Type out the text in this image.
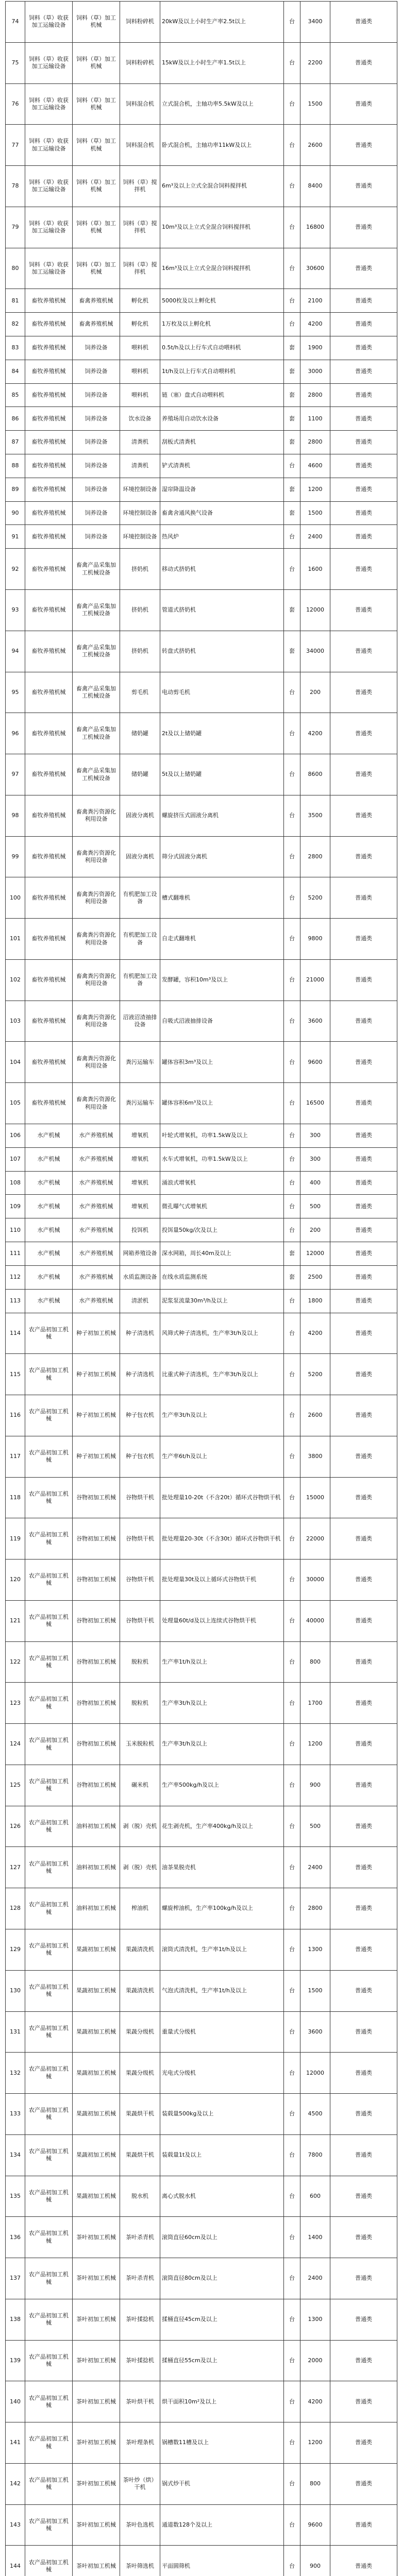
74	饲料（草）收获加工运输设备	饲料（草）加工机械	饲料粉碎机	20kW及以上小时生产率2.5t以上	台	3400	普通类
75	饲料（草）收获加工运输设备	饲料（草）加工机械	饲料粉碎机	15kW及以上小时生产率1.5t以上	台	2200	普通类
76	饲料（草）收获加工运输设备	饲料（草）加工机械	饲料混合机	立式混合机，主轴功率5.5kW及以上	台	1500	普通类
77	饲料（草）收获加工运输设备	饲料（草）加工机械	饲料混合机	卧式混合机，主轴功率11kW及以上	台	2600	普通类
78	饲料（草）收获加工运输设备	饲料（草）加工机械	饲料（草）搅拌机	6m³及以上立式全混合饲料搅拌机	台	8400	普通类
79	饲料（草）收获加工运输设备	饲料（草）加工机械	饲料（草）搅拌机	10m³及以上立式全混合饲料搅拌机	台	16800	普通类
80	饲料（草）收获加工运输设备	饲料（草）加工机械	饲料（草）搅拌机	16m³及以上立式全混合饲料搅拌机	台	30600	普通类
81	畜牧养殖机械	畜禽养殖机械	孵化机	5000枚及以上孵化机	台	2100	普通类
82	畜牧养殖机械	畜禽养殖机械	孵化机	1万枚及以上孵化机	台	4200	普通类
83	畜牧养殖机械	饲养设备	喂料机	0.5t/h及以上行车式自动喂料机	套	1900	普通类
84	畜牧养殖机械	饲养设备	喂料机	1t/h及以上行车式自动喂料机	套	3000	普通类
85	畜牧养殖机械	饲养设备	喂料机	链（塞）盘式自动喂料机	套	2800	普通类
86	畜牧养殖机械	饲养设备	饮水设备	养殖场用自动饮水设备	套	1100	普通类
87	畜牧养殖机械	饲养设备	清粪机	刮板式清粪机	套	2800	普通类
88	畜牧养殖机械	饲养设备	清粪机	铲式清粪机	台	4600	普通类
89	畜牧养殖机械	饲养设备	环境控制设备	湿帘降温设备	套	1200	普通类
90	畜牧养殖机械	饲养设备	环境控制设备	畜禽舍通风换气设备	套	1500	普通类
91	畜牧养殖机械	饲养设备	环境控制设备	热风炉	台	2400	普通类
92	畜牧养殖机械	畜禽产品采集加工机械设备	挤奶机	移动式挤奶机	台	1600	普通类
93	畜牧养殖机械	畜禽产品采集加工机械设备	挤奶机	管道式挤奶机	套	12000	普通类
94	畜牧养殖机械	畜禽产品采集加工机械设备	挤奶机	转盘式挤奶机	套	34000	普通类
95	畜牧养殖机械	畜禽产品采集加工机械设备	剪毛机	电动剪毛机	台	200	普通类
96	畜牧养殖机械	畜禽产品采集加工机械设备	储奶罐	2t及以上储奶罐	台	4200	普通类
97	畜牧养殖机械	畜禽产品采集加工机械设备	储奶罐	5t及以上储奶罐	台	8600	普通类
98	畜牧养殖机械	畜禽粪污资源化利用设备	固液分离机	螺旋挤压式固液分离机	台	3500	普通类
99	畜牧养殖机械	畜禽粪污资源化利用设备	固液分离机	筛分式固液分离机	台	2800	普通类
100	畜牧养殖机械	畜禽粪污资源化利用设备	有机肥加工设备	槽式翻堆机	台	5200	普通类
101	畜牧养殖机械	畜禽粪污资源化利用设备	有机肥加工设备	自走式翻堆机	台	9800	普通类
102	畜牧养殖机械	畜禽粪污资源化利用设备	有机肥加工设备	发酵罐，容积10m³及以上	台	21000	普通类
103	畜牧养殖机械	畜禽粪污资源化利用设备	沼液沼渣抽排设备	自吸式沼液抽排设备	台	3600	普通类
104	畜牧养殖机械	畜禽粪污资源化利用设备	粪污运输车	罐体容积3m³及以上	台	9600	普通类
105	畜牧养殖机械	畜禽粪污资源化利用设备	粪污运输车	罐体容积6m³及以上	台	16500	普通类
106	水产机械	水产养殖机械	增氧机	叶轮式增氧机，功率1.5kW及以上	台	300	普通类
107	水产机械	水产养殖机械	增氧机	水车式增氧机，功率1.5kW及以上	台	300	普通类
108	水产机械	水产养殖机械	增氧机	涌浪式增氧机	台	400	普通类
109	水产机械	水产养殖机械	增氧机	微孔曝气式增氧机	台	500	普通类
110	水产机械	水产养殖机械	投饵机	投饵量50kg/次及以上	台	200	普通类
111	水产机械	水产养殖机械	网箱养殖设备	深水网箱，周长40m及以上	套	12000	普通类
112	水产机械	水产养殖机械	水质监测设备	在线水质监测系统	套	2500	普通类
113	水产机械	水产养殖机械	清淤机	泥浆泵流量30m³/h及以上	台	1800	普通类
114	农产品初加工机械	种子初加工机械	种子清选机	风筛式种子清选机，生产率3t/h及以上	台	4200	普通类
115	农产品初加工机械	种子初加工机械	种子清选机	比重式种子清选机，生产率3t/h及以上	台	5200	普通类
116	农产品初加工机械	种子初加工机械	种子包衣机	生产率3t/h及以上	台	2600	普通类
117	农产品初加工机械	种子初加工机械	种子包衣机	生产率6t/h及以上	台	3800	普通类
118	农产品初加工机械	谷物初加工机械	谷物烘干机	批处理量10-20t（不含20t）循环式谷物烘干机	台	15000	普通类
119	农产品初加工机械	谷物初加工机械	谷物烘干机	批处理量20-30t（不含30t）循环式谷物烘干机	台	22000	普通类
120	农产品初加工机械	谷物初加工机械	谷物烘干机	批处理量30t及以上循环式谷物烘干机	台	30000	普通类
121	农产品初加工机械	谷物初加工机械	谷物烘干机	处理量60t/d及以上连续式谷物烘干机	台	40000	普通类
122	农产品初加工机械	谷物初加工机械	脱粒机	生产率1t/h及以上	台	800	普通类
123	农产品初加工机械	谷物初加工机械	脱粒机	生产率3t/h及以上	台	1700	普通类
124	农产品初加工机械	谷物初加工机械	玉米脱粒机	生产率3t/h及以上	台	1200	普通类
125	农产品初加工机械	谷物初加工机械	碾米机	生产率500kg/h及以上	台	900	普通类
126	农产品初加工机械	油料初加工机械	剥（脱）壳机	花生剥壳机，生产率400kg/h及以上	台	500	普通类
127	农产品初加工机械	油料初加工机械	剥（脱）壳机	油茶果脱壳机	台	2400	普通类
128	农产品初加工机械	油料初加工机械	榨油机	螺旋榨油机，生产率100kg/h及以上	台	2800	普通类
129	农产品初加工机械	果蔬初加工机械	果蔬清洗机	滚筒式清洗机，生产率1t/h及以上	台	1300	普通类
130	农产品初加工机械	果蔬初加工机械	果蔬清洗机	气泡式清洗机，生产率1t/h及以上	台	1500	普通类
131	农产品初加工机械	果蔬初加工机械	果蔬分级机	重量式分级机	台	3600	普通类
132	农产品初加工机械	果蔬初加工机械	果蔬分级机	光电式分级机	台	12000	普通类
133	农产品初加工机械	果蔬初加工机械	果蔬烘干机	装载量500kg及以上	台	4500	普通类
134	农产品初加工机械	果蔬初加工机械	果蔬烘干机	装载量1t及以上	台	7800	普通类
135	农产品初加工机械	果蔬初加工机械	脱水机	离心式脱水机	台	600	普通类
136	农产品初加工机械	茶叶初加工机械	茶叶杀青机	滚筒直径60cm及以上	台	1400	普通类
137	农产品初加工机械	茶叶初加工机械	茶叶杀青机	滚筒直径80cm及以上	台	2400	普通类
138	农产品初加工机械	茶叶初加工机械	茶叶揉捻机	揉桶直径45cm及以上	台	1300	普通类
139	农产品初加工机械	茶叶初加工机械	茶叶揉捻机	揉桶直径55cm及以上	台	2000	普通类
140	农产品初加工机械	茶叶初加工机械	茶叶烘干机	烘干面积10m²及以上	台	4200	普通类
141	农产品初加工机械	茶叶初加工机械	茶叶理条机	锅槽数11槽及以上	台	1200	普通类
142	农产品初加工机械	茶叶初加工机械	茶叶炒（烘）干机	锅式炒干机	台	800	普通类
143	农产品初加工机械	茶叶初加工机械	茶叶色选机	通道数128个及以上	台	9600	普通类
144	农产品初加工机械	茶叶初加工机械	茶叶筛选机	平面圆筛机	台	900	普通类
